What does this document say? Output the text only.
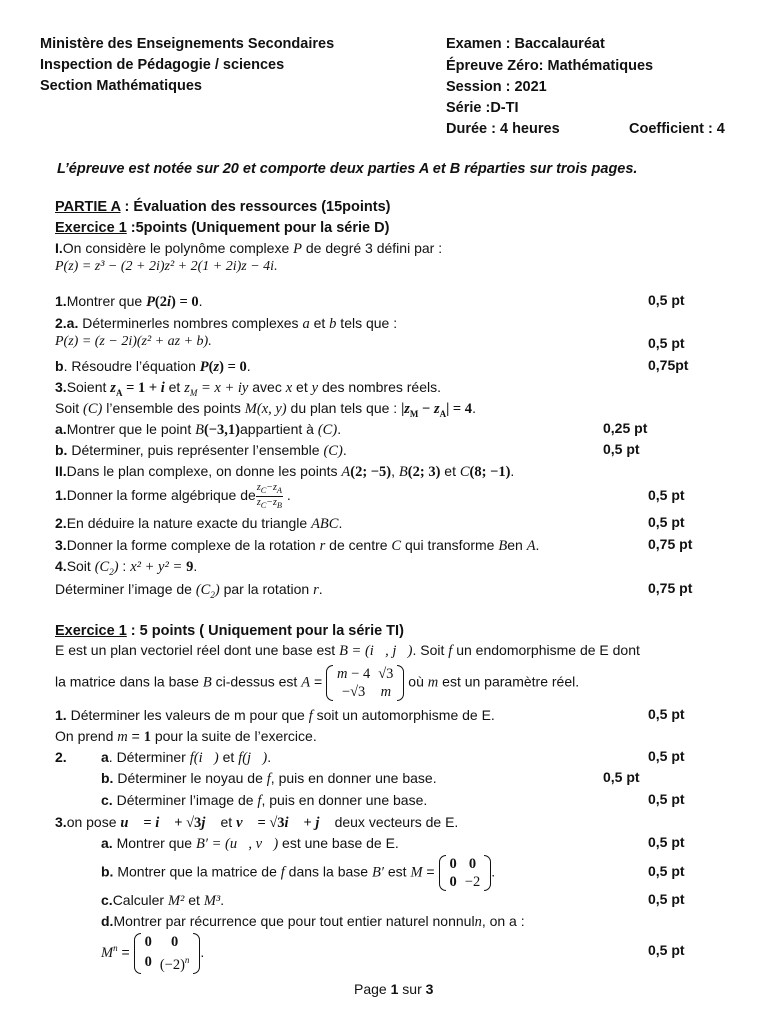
Ministère des Enseignements Secondaires
Inspection de Pédagogie / sciences
Section Mathématiques
Examen : Baccalauréat
Épreuve Zéro: Mathématiques
Session : 2021
Série :D-TI
Durée : 4 heures	Coefficient : 4
L’épreuve est notée sur 20 et comporte deux parties A et B réparties sur trois pages.
PARTIE A : Évaluation des ressources (15points)
Exercice 1 :5points (Uniquement pour la série D)
I.On considère le polynôme complexe P de degré 3 défini par :
P(z) = z³ − (2 + 2i)z² + 2(1 + 2i)z − 4i.
1.Montrer que P(2i) = 0.	0,5 pt
2.a. Déterminerles nombres complexes a et b tels que :
P(z) = (z − 2i)(z² + az + b).	0,5 pt
b. Résoudre l’équation P(z) = 0.	0,75pt
3.Soient $z_A = 1 + i$ et $z_M = x$ + iy avec x et y des nombres réels.
Soit (C) l’ensemble des points M(x, y) du plan tels que : $|z_M - z_A| = 4$.
a.Montrer que le point B(−3,1)appartient à (C).	0,25 pt
b. Déterminer, puis représenter l’ensemble (C).	0,5 pt
II.Dans le plan complexe, on donne les points A(2; −5), B(2; 3) et C(8; −1).
1.Donner la forme algébrique de $\frac{z_C-z_A}{z_C-z_B}$ .	0,5 pt
2.En déduire la nature exacte du triangle ABC.	0,5 pt
3.Donner la forme complexe de la rotation r de centre C qui transforme Ben A.	0,75 pt
4.Soit $(C_2)$ : x² + y² = 9.
Déterminer l’image de $(C_2)$ par la rotation r.	0,75 pt
Exercice 1 : 5 points ( Uniquement pour la série TI)
E est un plan vectoriel réel dont une base est B = (i⃗, j⃗). Soit f un endomorphisme de E dont
la matrice dans la base B ci-dessus est A = m − 4	√3
−√3	m
où m est un paramètre réel.
1. Déterminer les valeurs de m pour que f soit un automorphisme de E.	0,5 pt
On prend m = 1 pour la suite de l’exercice.
2. a. Déterminer f(i⃗) et f(j⃗).	0,5 pt
b. Déterminer le noyau de f, puis en donner une base.	0,5 pt
c. Déterminer l’image de f, puis en donner une base.	0,5 pt
3.on pose u⃗ = i⃗ + √3j⃗ et v⃗ = √3i⃗ + j⃗ deux vecteurs de E.
a. Montrer que B′ = (u⃗, v⃗) est une base de E.	0,5 pt
b. Montrer que la matrice de f dans la base B′ est M = 0	0
0	−2
.	0,5 pt
c.Calculer M² et M³.	0,5 pt
d.Montrer par récurrence que pour tout entier naturel nonnuln, on a :
$M^n$ =
0	0
0	$(-2)^n$ .	0,5 pt
Page 1 sur 3
